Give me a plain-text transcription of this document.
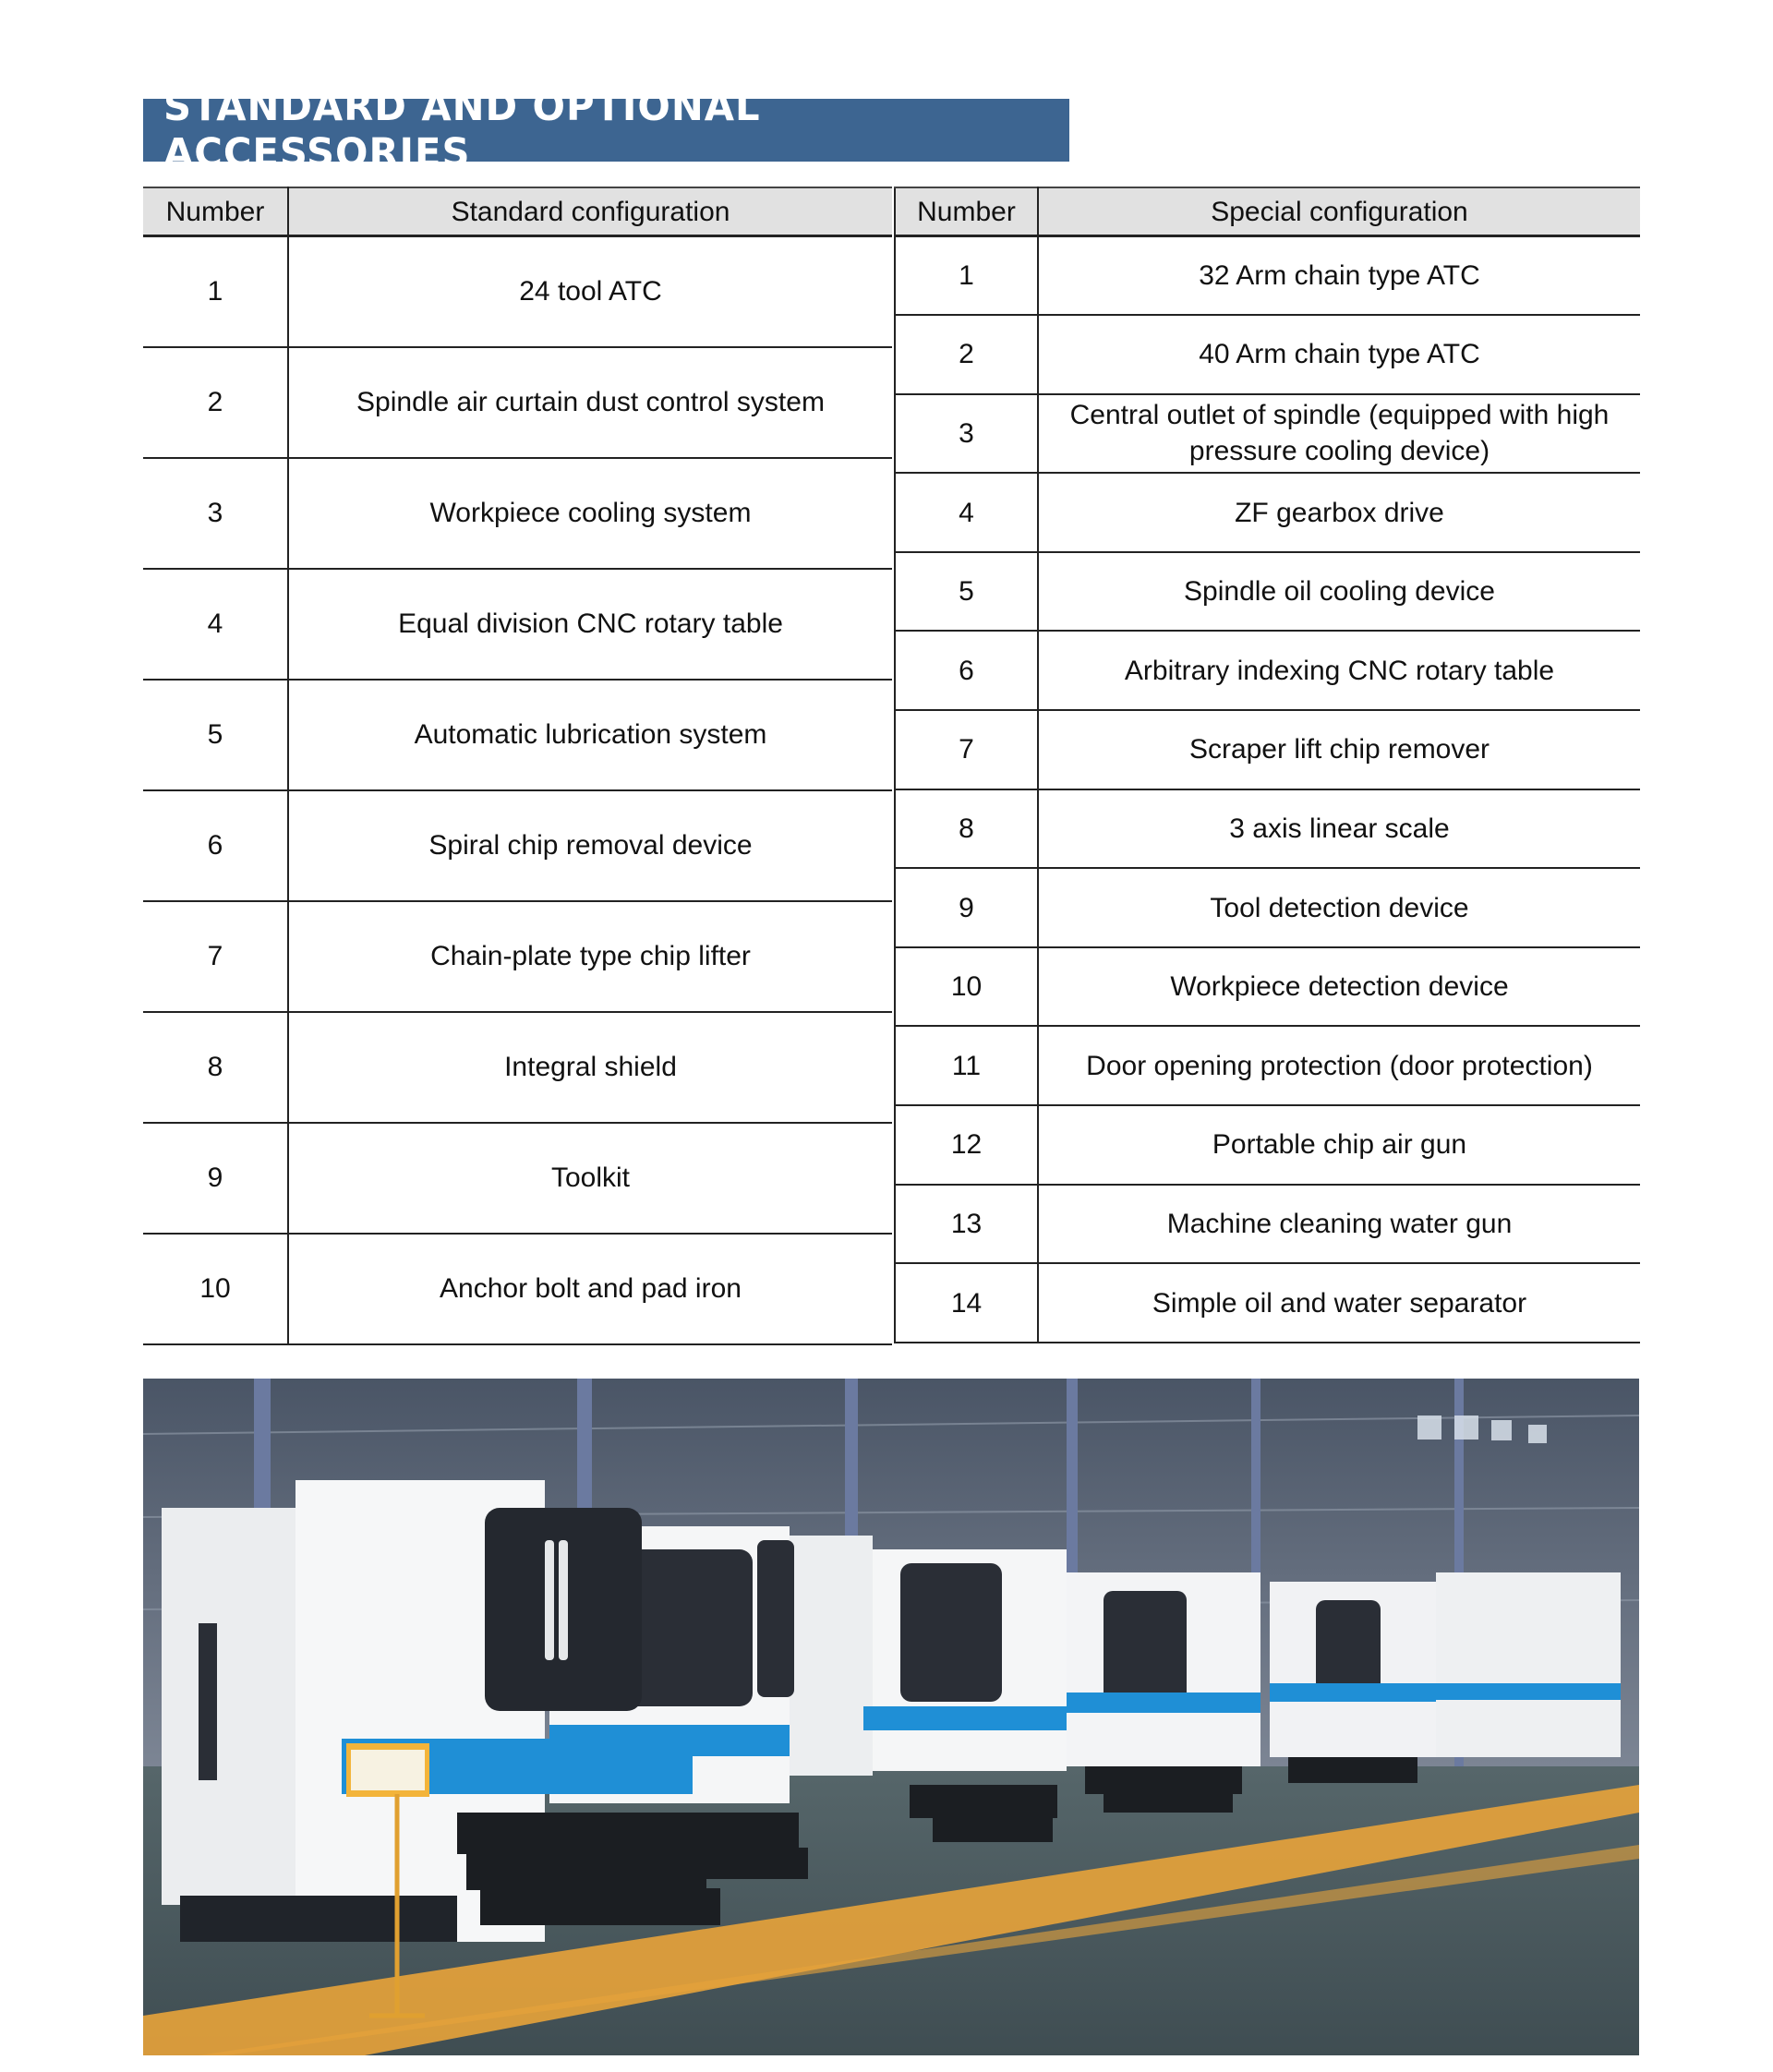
STANDARD AND OPTIONAL ACCESSORIES
Number	Standard configuration
1	24 tool ATC
2	Spindle air curtain dust control system
3	Workpiece cooling system
4	Equal division CNC rotary table
5	Automatic lubrication system
6	Spiral chip removal device
7	Chain-plate type chip lifter
8	Integral shield
9	Toolkit
10	Anchor bolt and pad iron
Number	Special configuration
1	32 Arm chain type ATC
2	40 Arm chain type ATC
3	Central outlet of spindle (equipped with high pressure cooling device)
4	ZF gearbox drive
5	Spindle oil cooling device
6	Arbitrary indexing CNC rotary table
7	Scraper lift chip remover
8	3 axis linear scale
9	Tool detection device
10	Workpiece detection device
11	Door opening protection (door protection)
12	Portable chip air gun
13	Machine cleaning water gun
14	Simple oil and water separator
